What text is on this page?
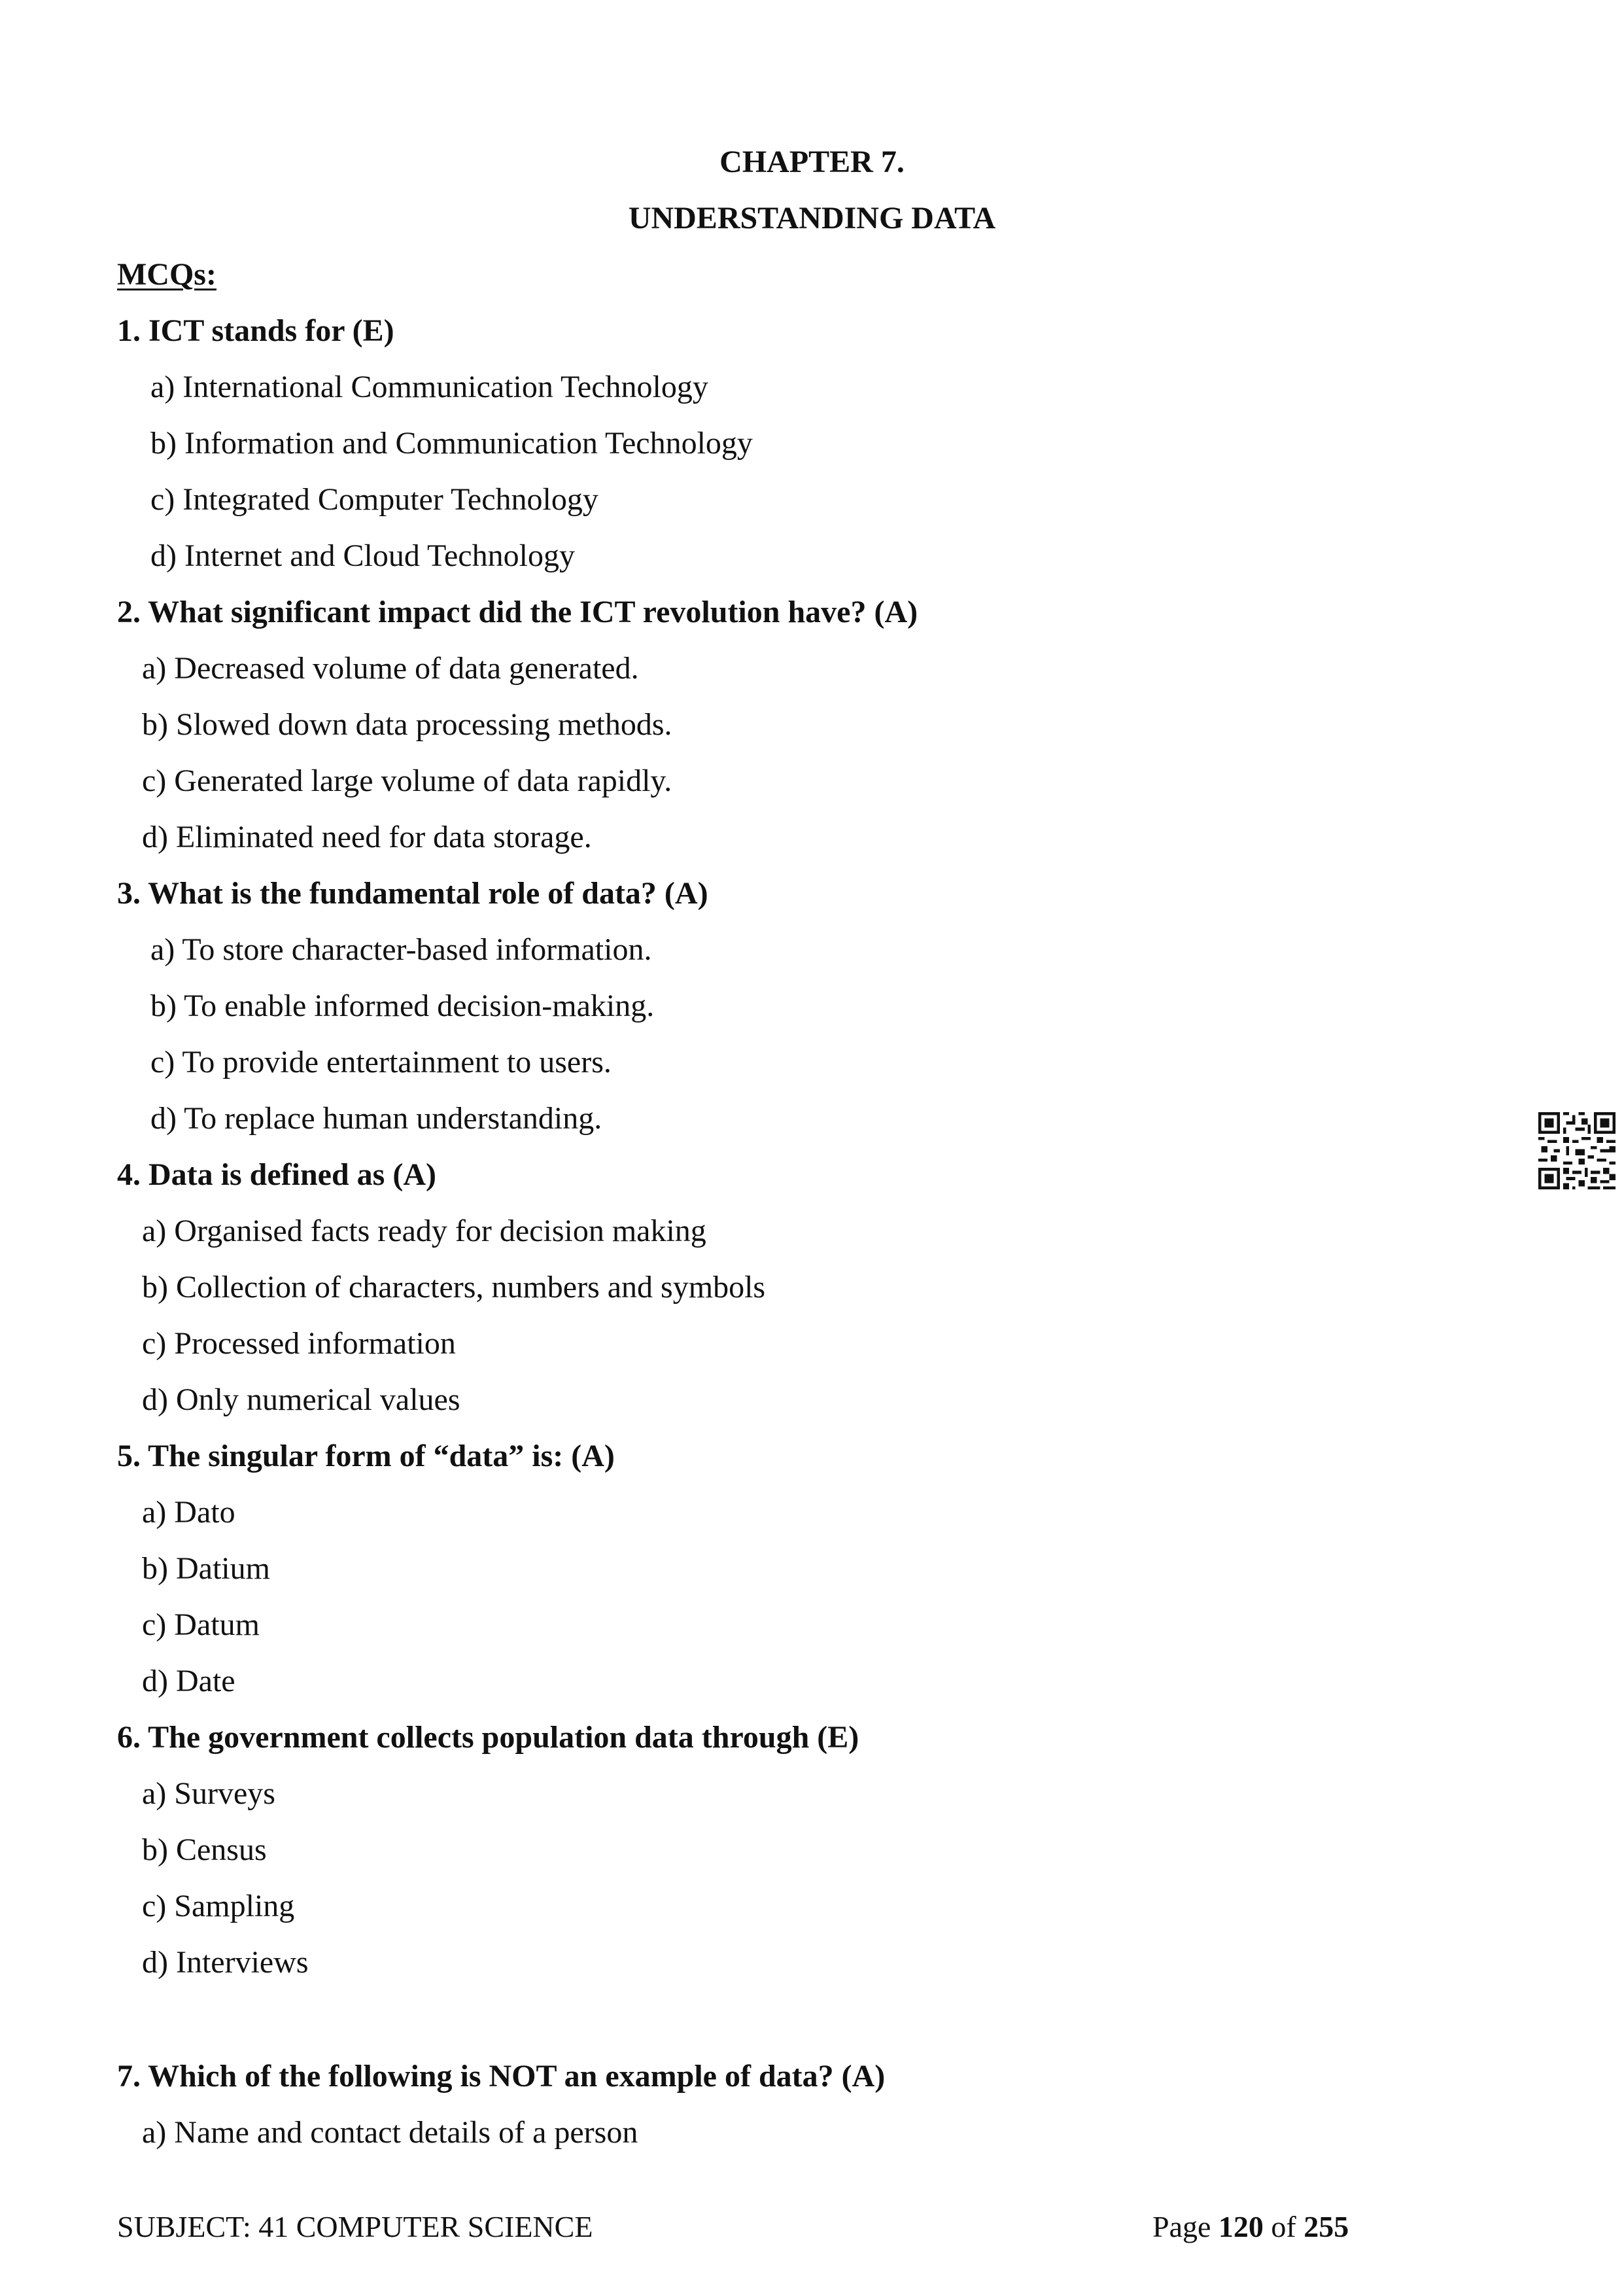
CHAPTER 7.
UNDERSTANDING DATA
MCQs:
1. ICT stands for (E)
a) International Communication Technology
b) Information and Communication Technology
c) Integrated Computer Technology
d) Internet and Cloud Technology
2. What significant impact did the ICT revolution have? (A)
a) Decreased volume of data generated.
b) Slowed down data processing methods.
c) Generated large volume of data rapidly.
d) Eliminated need for data storage.
3. What is the fundamental role of data? (A)
a) To store character-based information.
b) To enable informed decision-making.
c) To provide entertainment to users.
d) To replace human understanding.
4. Data is defined as (A)
a) Organised facts ready for decision making
b) Collection of characters, numbers and symbols
c) Processed information
d) Only numerical values
5. The singular form of “data” is: (A)
a) Dato
b) Datium
c) Datum
d) Date
6. The government collects population data through (E)
a) Surveys
b) Census
c) Sampling
d) Interviews
7. Which of the following is NOT an example of data? (A)
a) Name and contact details of a person
SUBJECT: 41 COMPUTER SCIENCE	Page 120 of 255
